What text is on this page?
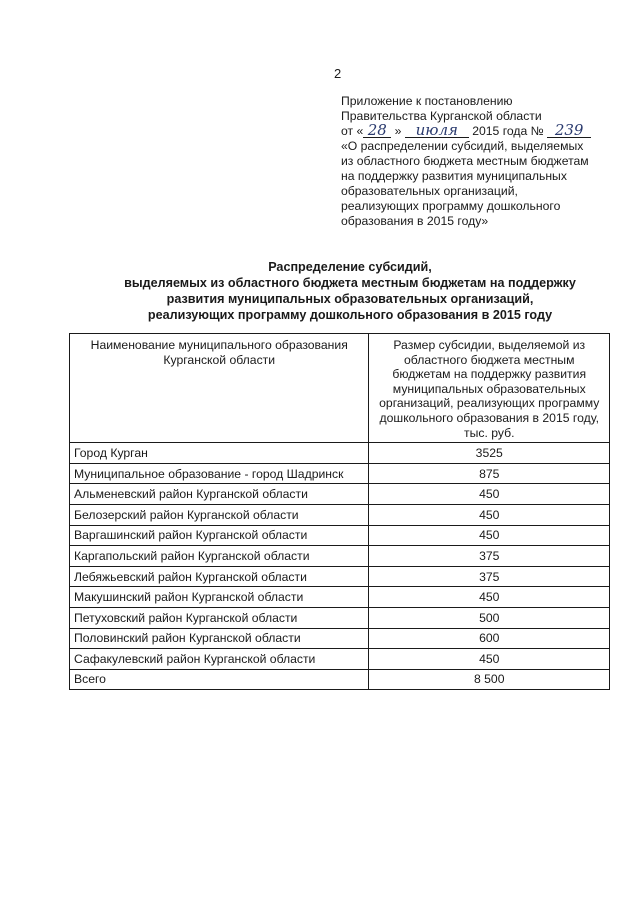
2
Приложение к постановлению
Правительства Курганской области
от « 28 » июля 2015 года № 239
«О распределении субсидий, выделяемых
из областного бюджета местным бюджетам
на поддержку развития муниципальных
образовательных организаций,
реализующих программу дошкольного
образования в 2015 году»
Распределение субсидий,
выделяемых из областного бюджета местным бюджетам на поддержку
развития муниципальных образовательных организаций,
реализующих программу дошкольного образования в 2015 году
Наименование муниципального образования Курганской области	Размер субсидии, выделяемой из областного бюджета местным бюджетам на поддержку развития муниципальных образовательных организаций, реализующих программу дошкольного образования в 2015 году, тыс. руб.
Город Курган	3525
Муниципальное образование - город Шадринск	875
Альменевский район Курганской области	450
Белозерский район Курганской области	450
Варгашинский район Курганской области	450
Каргапольский район Курганской области	375
Лебяжьевский район Курганской области	375
Макушинский район Курганской области	450
Петуховский район Курганской области	500
Половинский район Курганской области	600
Сафакулевский район Курганской области	450
Всего	8 500
